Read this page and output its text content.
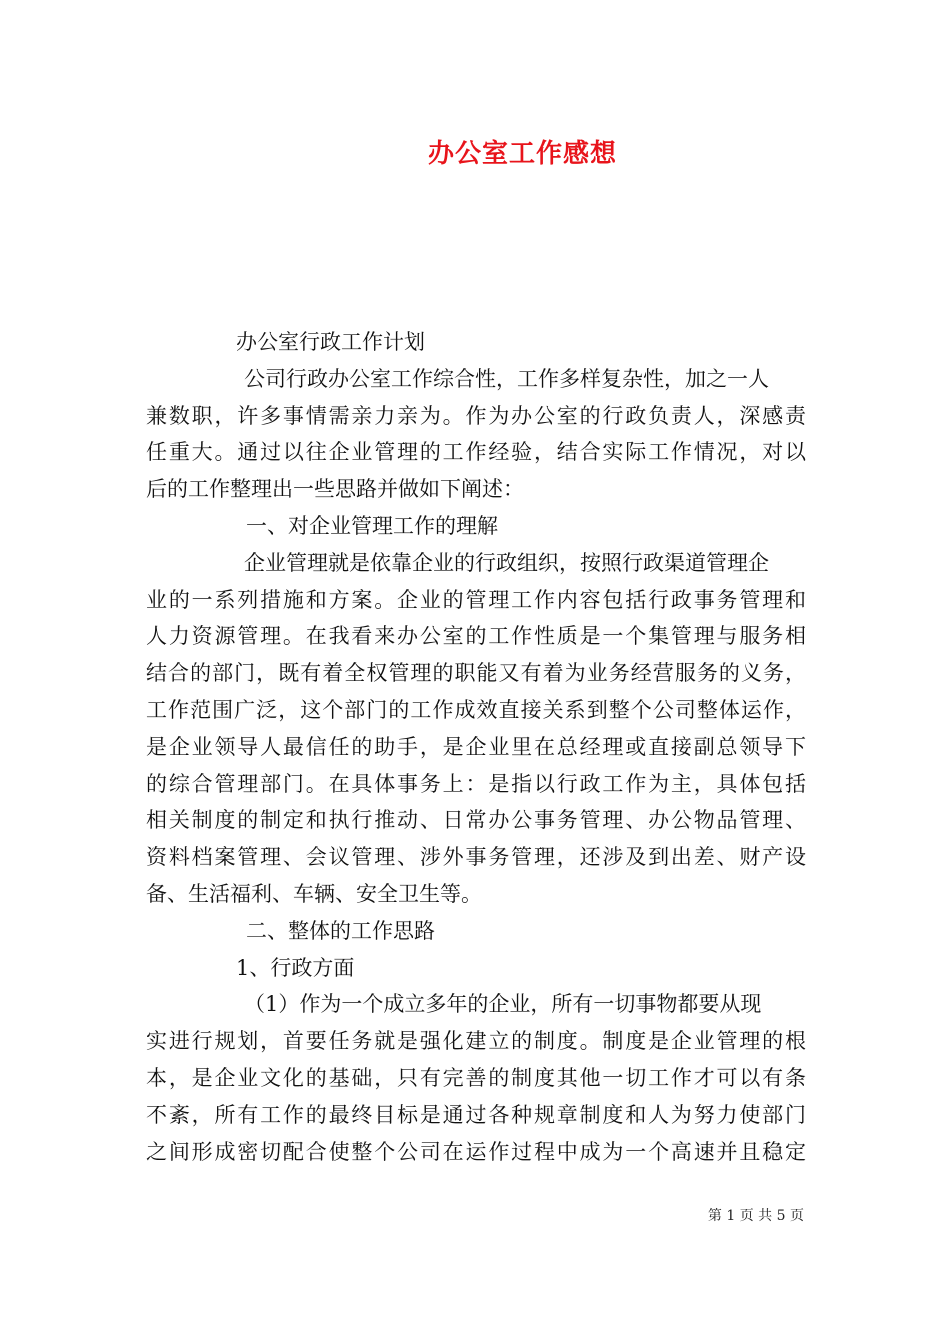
办公室工作感想
办公室行政工作计划
公司行政办公室工作综合性，工作多样复杂性，加之一人
兼数职，许多事情需亲力亲为。作为办公室的行政负责人，深感责
任重大。通过以往企业管理的工作经验，结合实际工作情况，对以
后的工作整理出一些思路并做如下阐述：
一、对企业管理工作的理解
企业管理就是依靠企业的行政组织，按照行政渠道管理企
业的一系列措施和方案。企业的管理工作内容包括行政事务管理和
人力资源管理。在我看来办公室的工作性质是一个集管理与服务相
结合的部门，既有着全权管理的职能又有着为业务经营服务的义务，
工作范围广泛，这个部门的工作成效直接关系到整个公司整体运作，
是企业领导人最信任的助手，是企业里在总经理或直接副总领导下
的综合管理部门。在具体事务上：是指以行政工作为主，具体包括
相关制度的制定和执行推动、日常办公事务管理、办公物品管理、
资料档案管理、会议管理、涉外事务管理，还涉及到出差、财产设
备、生活福利、车辆、安全卫生等。
二、整体的工作思路
1、行政方面
（1）作为一个成立多年的企业，所有一切事物都要从现
实进行规划，首要任务就是强化建立的制度。制度是企业管理的根
本，是企业文化的基础，只有完善的制度其他一切工作才可以有条
不紊，所有工作的最终目标是通过各种规章制度和人为努力使部门
之间形成密切配合使整个公司在运作过程中成为一个高速并且稳定
第 1 页 共 5 页
